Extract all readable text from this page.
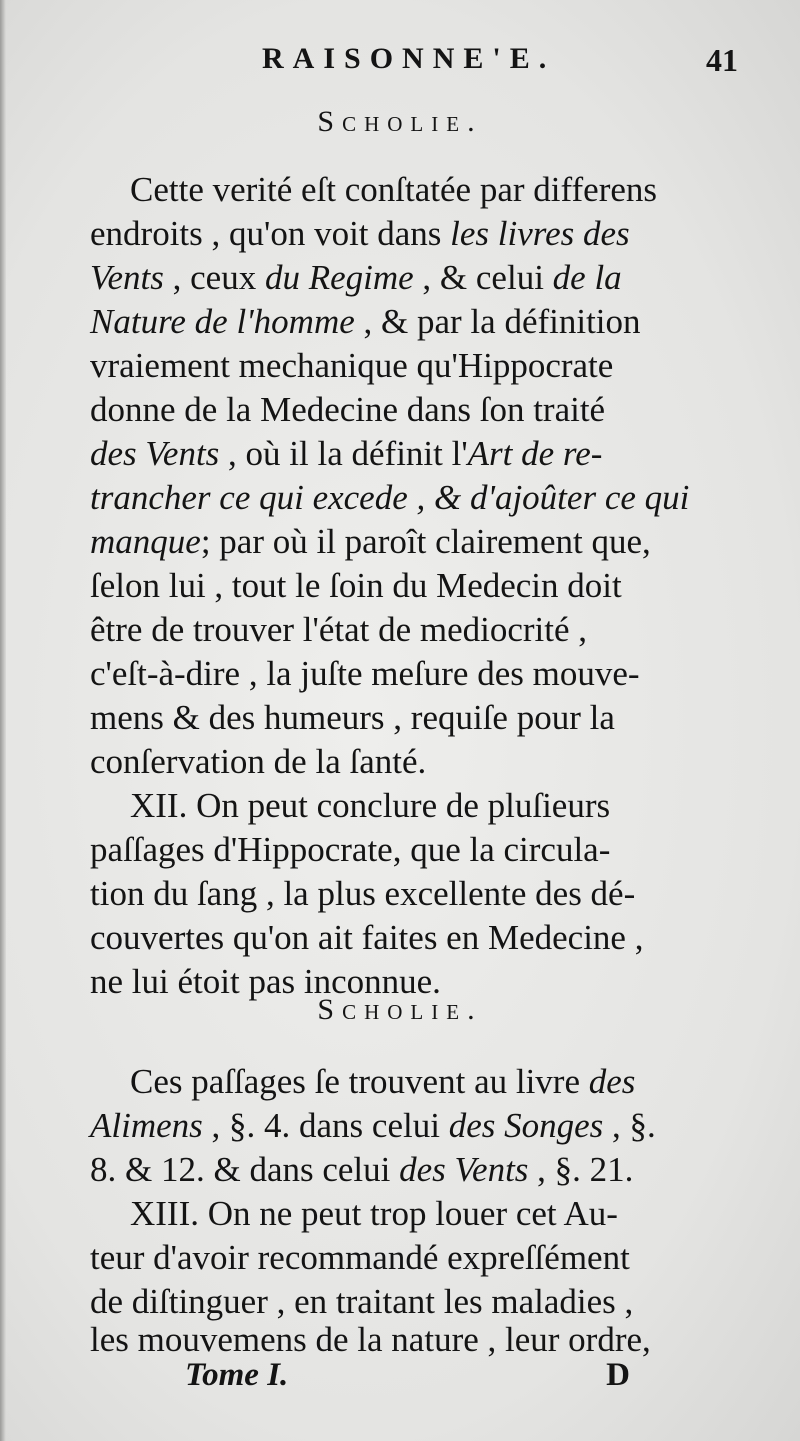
RAISONNE'E.	41
Scholie.
Cette verité eſt conſtatée par differens
endroits , qu'on voit dans les livres des
Vents , ceux du Regime , & celui de la
Nature de l'homme , & par la définition
vraiement mechanique qu'Hippocrate
donne de la Medecine dans ſon traité
des Vents , où il la définit l'Art de re-
trancher ce qui excede , & d'ajoûter ce qui
manque; par où il paroît clairement que,
ſelon lui , tout le ſoin du Medecin doit
être de trouver l'état de mediocrité ,
c'eſt-à-dire , la juſte meſure des mouve-
mens & des humeurs , requiſe pour la
conſervation de la ſanté.
XII. On peut conclure de pluſieurs
paſſages d'Hippocrate, que la circula-
tion du ſang , la plus excellente des dé-
couvertes qu'on ait faites en Medecine ,
ne lui étoit pas inconnue.
Scholie.
Ces paſſages ſe trouvent au livre des
Alimens , §. 4. dans celui des Songes , §.
8. & 12. & dans celui des Vents , §. 21.
XIII. On ne peut trop louer cet Au-
teur d'avoir recommandé expreſſément
de diſtinguer , en traitant les maladies ,
les mouvemens de la nature , leur ordre,
Tome I.	D
